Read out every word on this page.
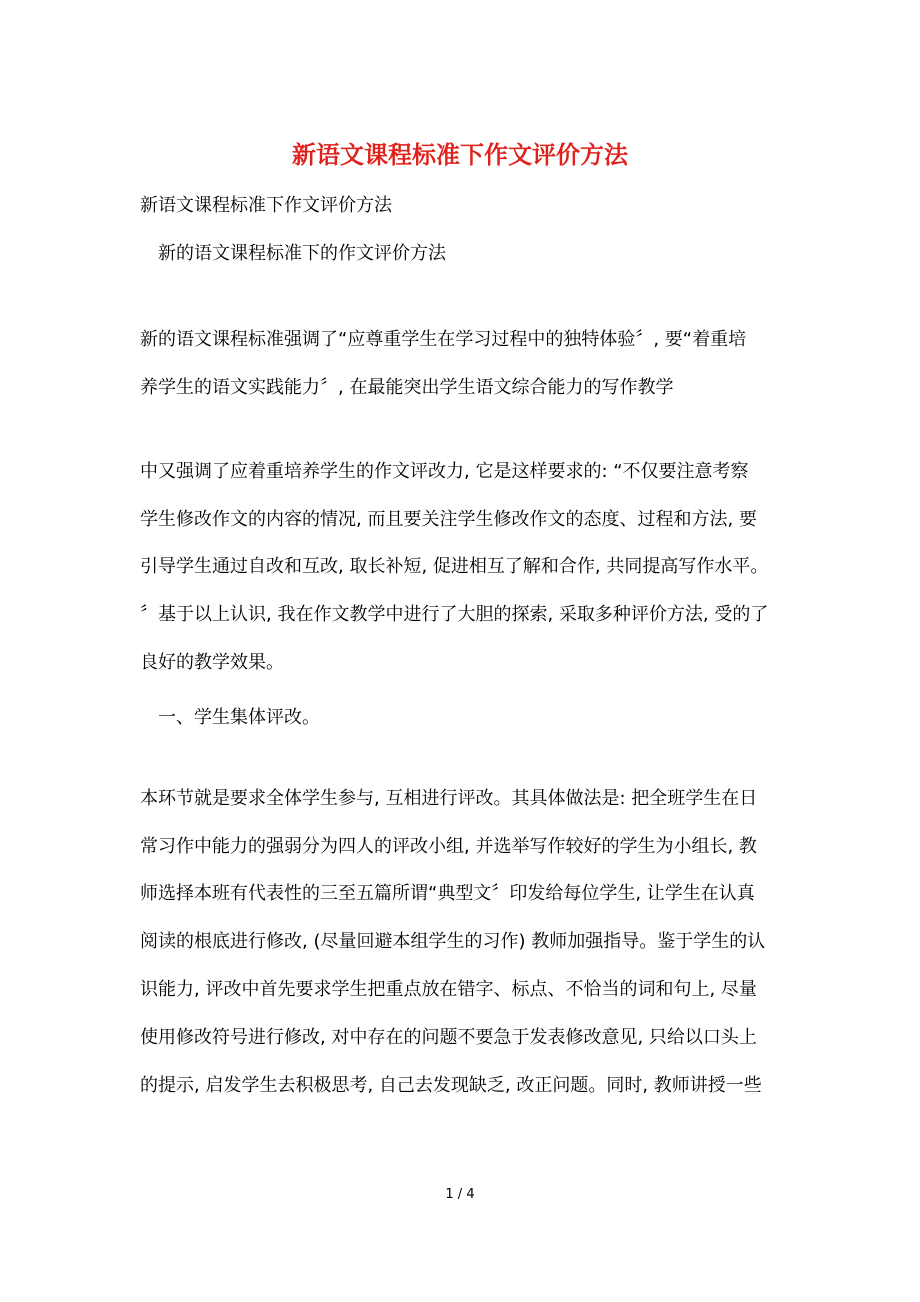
新语文课程标准下作文评价方法
新语文课程标准下作文评价方法
新的语文课程标准下的作文评价方法
新的语文课程标准强调了“应尊重学生在学习过程中的独特体验〞, 要“着重培
养学生的语文实践能力〞, 在最能突出学生语文综合能力的写作教学
中又强调了应着重培养学生的作文评改力, 它是这样要求的: “不仅要注意考察
学生修改作文的内容的情况, 而且要关注学生修改作文的态度、过程和方法, 要
引导学生通过自改和互改, 取长补短, 促进相互了解和合作, 共同提高写作水平。
〞基于以上认识, 我在作文教学中进行了大胆的探索, 采取多种评价方法, 受的了
良好的教学效果。
一、学生集体评改。
本环节就是要求全体学生参与, 互相进行评改。其具体做法是: 把全班学生在日
常习作中能力的强弱分为四人的评改小组, 并选举写作较好的学生为小组长, 教
师选择本班有代表性的三至五篇所谓“典型文〞印发给每位学生, 让学生在认真
阅读的根底进行修改, (尽量回避本组学生的习作) 教师加强指导。鉴于学生的认
识能力, 评改中首先要求学生把重点放在错字、标点、不恰当的词和句上, 尽量
使用修改符号进行修改, 对中存在的问题不要急于发表修改意见, 只给以口头上
的提示, 启发学生去积极思考, 自己去发现缺乏, 改正问题。同时, 教师讲授一些
1 / 4
